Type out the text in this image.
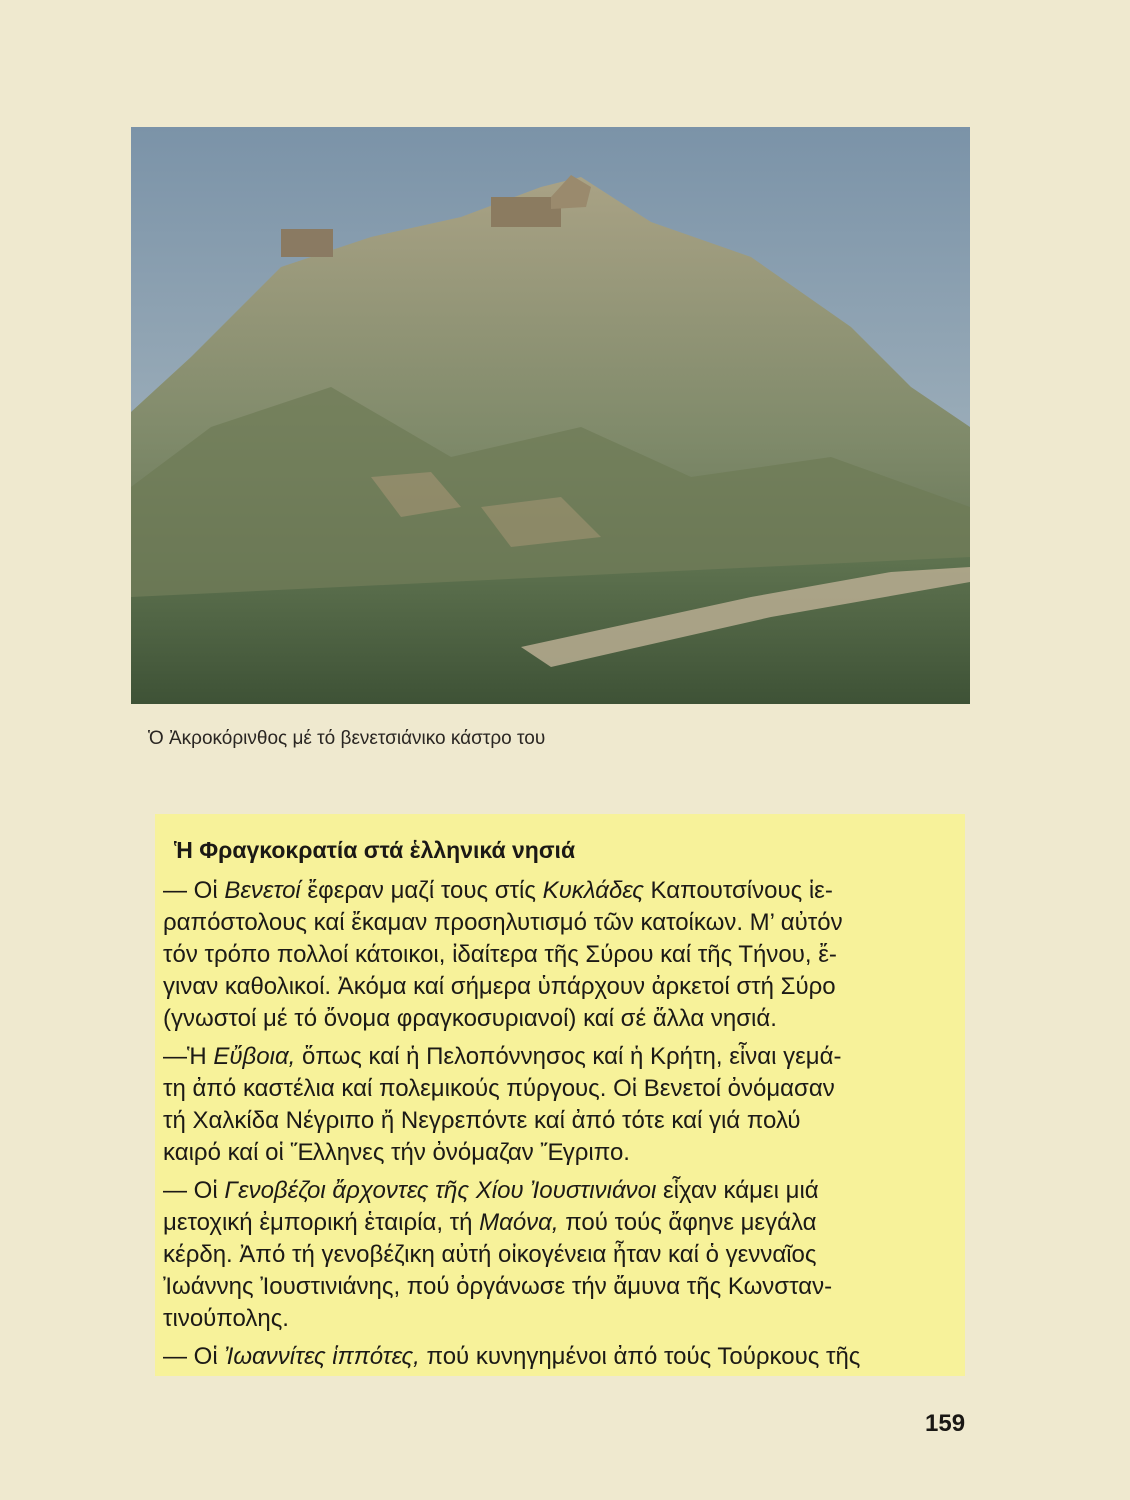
Ὁ Ἀκροκόρινθος μέ τό βενετσιάνικο κάστρο του
Ἡ Φραγκοκρατία στά ἑλληνικά νησιά
— Οἱ Βενετοί ἔφεραν μαζί τους στίς Κυκλάδες Καπουτσίνους ἱε-
ραπόστολους καί ἔκαμαν προσηλυτισμό τῶν κατοίκων. Μ’ αὐτόν
τόν τρόπο πολλοί κάτοικοι, ἰδαίτερα τῆς Σύρου καί τῆς Τήνου, ἔ-
γιναν καθολικοί. Ἀκόμα καί σήμερα ὑπάρχουν ἀρκετοί στή Σύρο
(γνωστοί μέ τό ὄνομα φραγκοσυριανοί) καί σέ ἄλλα νησιά.
—Ἡ Εὔβοια, ὅπως καί ἡ Πελοπόννησος καί ἡ Κρήτη, εἶναι γεμά-
τη ἀπό καστέλια καί πολεμικούς πύργους. Οἱ Βενετοί ὀνόμασαν
τή Χαλκίδα Νέγριπο ἤ Νεγρεπόντε καί ἀπό τότε καί γιά πολύ
καιρό καί οἱ Ἕλληνες τήν ὀνόμαζαν Ἔγριπο.
— Οἱ Γενοβέζοι ἄρχοντες τῆς Χίου Ἰουστινιάνοι εἶχαν κάμει μιά
μετοχική ἐμπορική ἑταιρία, τή Μαόνα, πού τούς ἄφηνε μεγάλα
κέρδη. Ἀπό τή γενοβέζικη αὐτή οἰκογένεια ἦταν καί ὁ γενναῖος
Ἰωάννης Ἰουστινιάνης, πού ὀργάνωσε τήν ἄμυνα τῆς Κωνσταν-
τινούπολης.
— Οἱ Ἰωαννίτες ἱππότες, πού κυνηγημένοι ἀπό τούς Τούρκους τῆς
159
